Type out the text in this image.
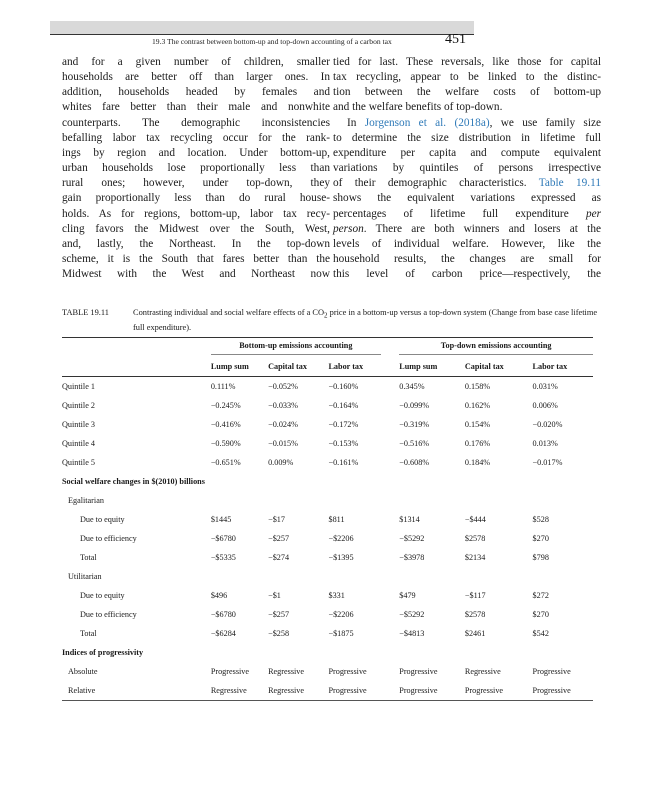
19.3 The contrast between bottom-up and top-down accounting of a carbon tax	451
and for a given number of children, smaller
households are better off than larger ones. In
addition, households headed by females and
whites fare better than their male and nonwhite
counterparts. The demographic inconsistencies
befalling labor tax recycling occur for the rank-
ings by region and location. Under bottom-up,
urban households lose proportionally less than
rural ones; however, under top-down, they
gain proportionally less than do rural house-
holds. As for regions, bottom-up, labor tax recy-
cling favors the Midwest over the South, West,
and, lastly, the Northeast. In the top-down
scheme, it is the South that fares better than the
Midwest with the West and Northeast now
tied for last. These reversals, like those for capital
tax recycling, appear to be linked to the distinc-
tion between the welfare costs of bottom-up
and the welfare benefits of top-down.
In Jorgenson et al. (2018a), we use family size
to determine the size distribution in lifetime full
expenditure per capita and compute equivalent
variations by quintiles of persons irrespective
of their demographic characteristics. Table 19.11
shows the equivalent variations expressed as
percentages of lifetime full expenditure per
person. There are both winners and losers at the
levels of individual welfare. However, like the
household results, the changes are small for
this level of carbon price—respectively, the
TABLE 19.11	Contrasting individual and social welfare effects of a $CO_2$ price in a bottom-up versus a top-down system (Change from base case lifetime full expenditure).

	Bottom-up emissions accounting				Top-down emissions accounting		

	Lump sum	Capital tax	Labor tax		Lump sum	Capital tax	Labor tax
Quintile 1	0.111%	−0.052%	−0.160%		0.345%	0.158%	0.031%
Quintile 2	−0.245%	−0.033%	−0.164%		−0.099%	0.162%	0.006%
Quintile 3	−0.416%	−0.024%	−0.172%		−0.319%	0.154%	−0.020%
Quintile 4	−0.590%	−0.015%	−0.153%		−0.516%	0.176%	0.013%
Quintile 5	−0.651%	0.009%	−0.161%		−0.608%	0.184%	−0.017%
Social welfare changes in $(2010) billions							
Egalitarian							
Due to equity	$1445	−$17	$811		$1314	−$444	$528
Due to efficiency	−$6780	−$257	−$2206		−$5292	$2578	$270
Total	−$5335	−$274	−$1395		−$3978	$2134	$798
Utilitarian							
Due to equity	$496	−$1	$331		$479	−$117	$272
Due to efficiency	−$6780	−$257	−$2206		−$5292	$2578	$270
Total	−$6284	−$258	−$1875		−$4813	$2461	$542
Indices of progressivity							
Absolute	Progressive	Regressive	Progressive		Progressive	Regressive	Progressive
Relative	Regressive	Regressive	Progressive		Progressive	Progressive	Progressive
